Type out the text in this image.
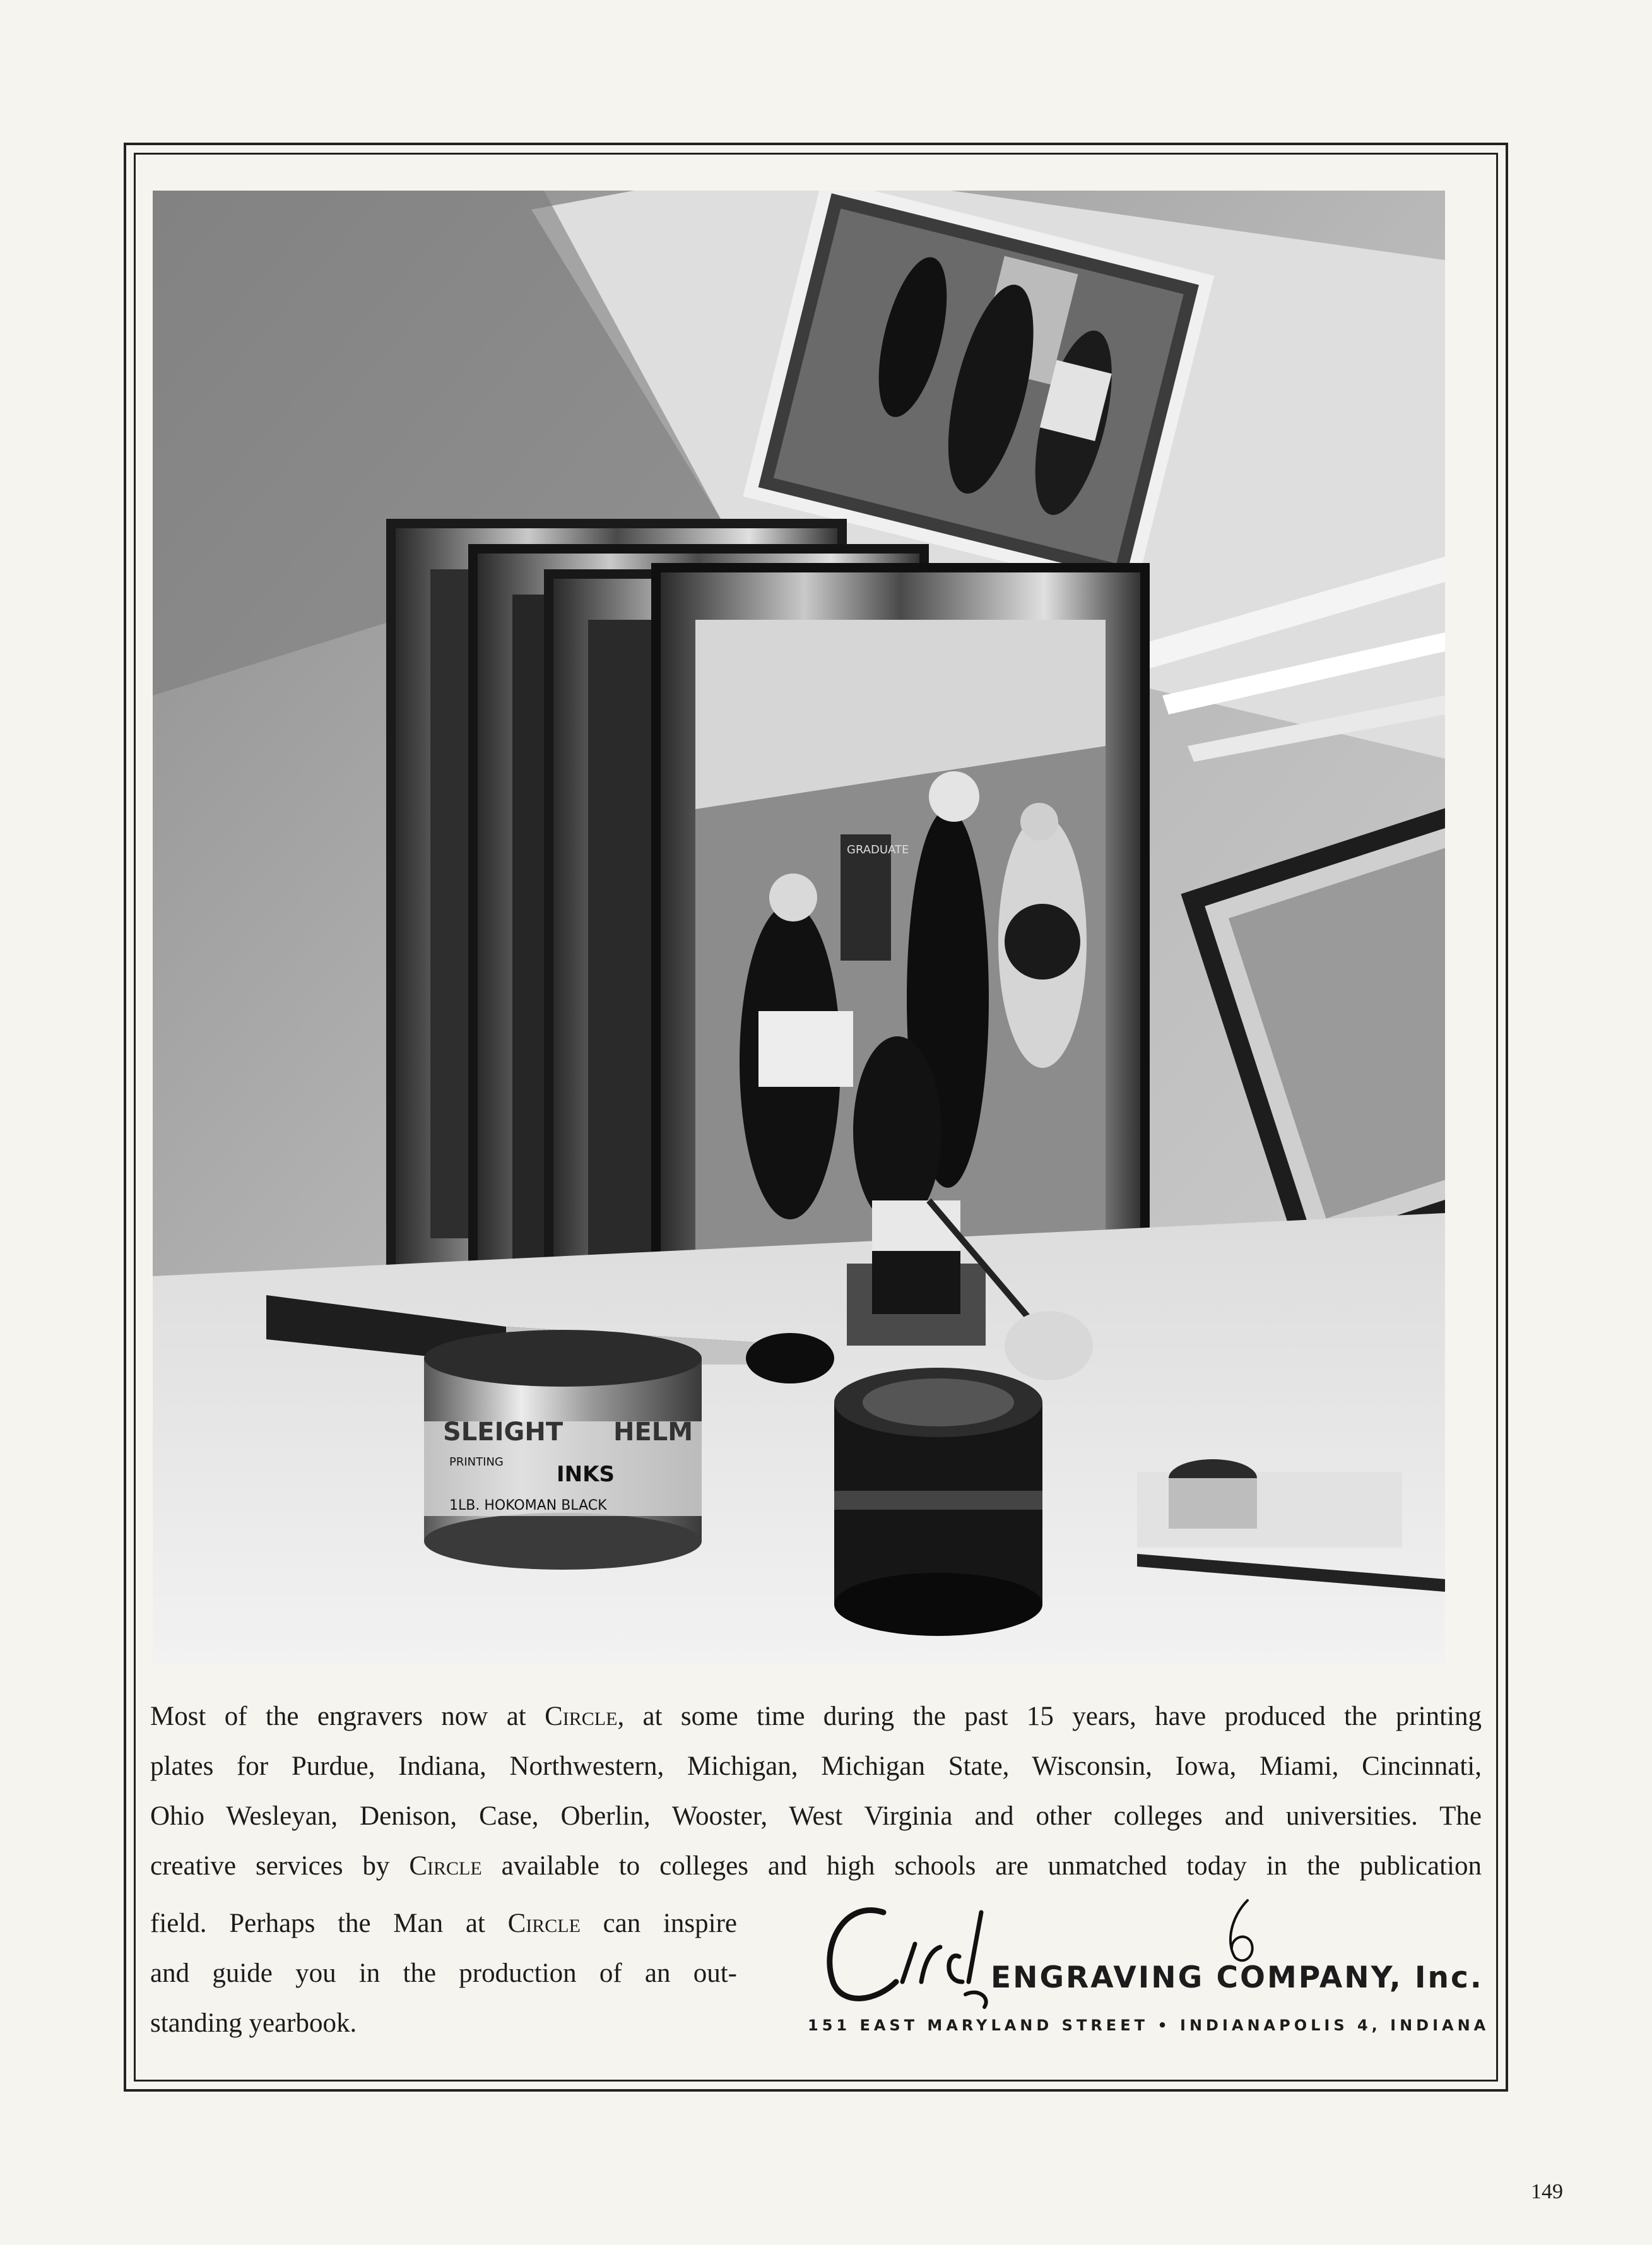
GRADUATE
SLEIGHT HELM
PRINTING INKS
1LB. HOKOMAN BLACK

Most of the engravers now at Circle, at some time during the past 15 years, have produced the printing

plates for Purdue, Indiana, Northwestern, Michigan, Michigan State, Wisconsin, Iowa, Miami, Cincinnati,

Ohio Wesleyan, Denison, Case, Oberlin, Wooster, West Virginia and other colleges and universities. The

creative services by Circle available to colleges and high schools are unmatched today in the publication

field. Perhaps the Man at Circle can inspire
and guide you in the production of an out-
standing yearbook.
ENGRAVING COMPANY, Inc.
151 EAST MARYLAND STREET • INDIANAPOLIS 4, INDIANA
149
